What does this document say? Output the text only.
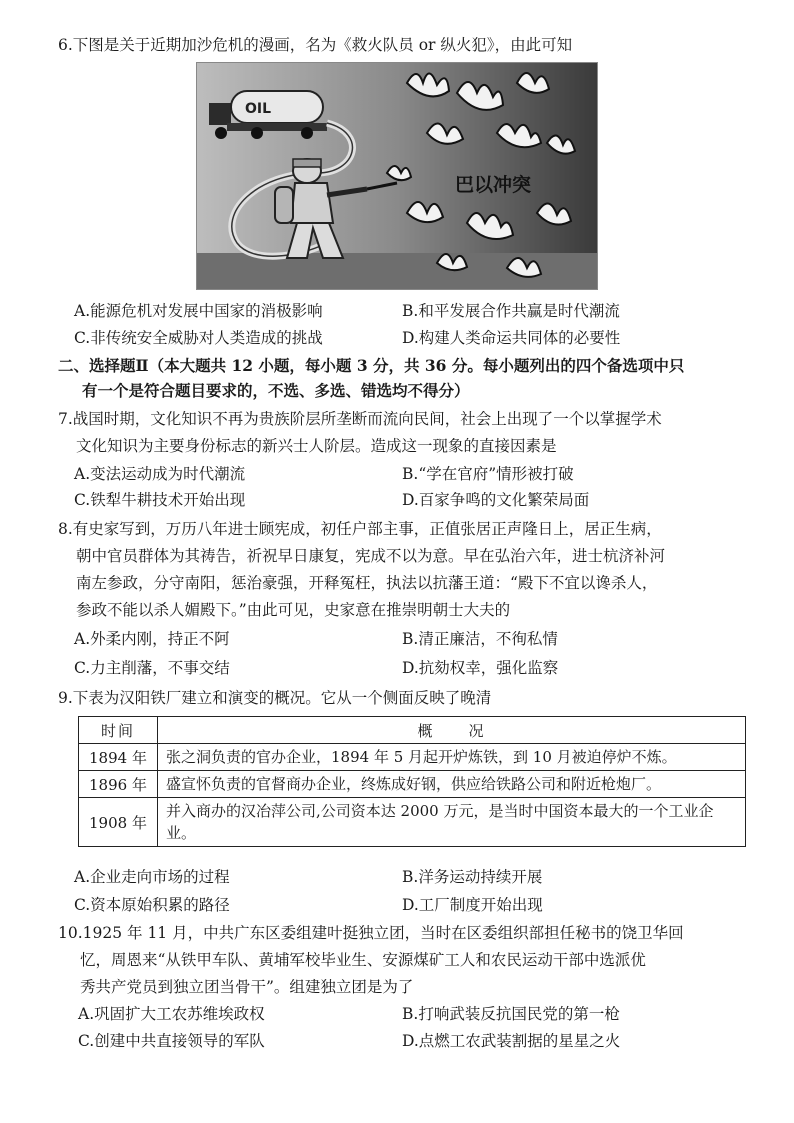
6.下图是关于近期加沙危机的漫画，名为《救火队员 or 纵火犯》，由此可知
OIL
巴以冲突
A.能源危机对发展中国家的消极影响	B.和平发展合作共赢是时代潮流
C.非传统安全威胁对人类造成的挑战	D.构建人类命运共同体的必要性
二、选择题Ⅱ（本大题共 12 小题，每小题 3 分，共 36 分。每小题列出的四个备选项中只
有一个是符合题目要求的，不选、多选、错选均不得分）
7.战国时期，文化知识不再为贵族阶层所垄断而流向民间，社会上出现了一个以掌握学术
文化知识为主要身份标志的新兴士人阶层。造成这一现象的直接因素是
A.变法运动成为时代潮流	B.“学在官府”情形被打破
C.铁犁牛耕技术开始出现	D.百家争鸣的文化繁荣局面
8.有史家写到，万历八年进士顾宪成，初任户部主事，正值张居正声隆日上，居正生病，
朝中官员群体为其祷告，祈祝早日康复，宪成不以为意。早在弘治六年，进士杭济补河
南左参政，分守南阳，惩治豪强，开释冤枉，执法以抗藩王道：“殿下不宜以谗杀人，
参政不能以杀人媚殿下。”由此可见，史家意在推崇明朝士大夫的
A.外柔内刚，持正不阿	B.清正廉洁，不徇私情
C.力主削藩，不事交结	D.抗劾权幸，强化监察
9.下表为汉阳铁厂建立和演变的概况。它从一个侧面反映了晚清
时间	概　　况
1894 年	张之洞负责的官办企业，1894 年 5 月起开炉炼铁，到 10 月被迫停炉不炼。
1896 年	盛宣怀负责的官督商办企业，终炼成好钢，供应给铁路公司和附近枪炮厂。
1908 年	并入商办的汉冶萍公司,公司资本达 2000 万元，是当时中国资本最大的一个工业企业。
A.企业走向市场的过程	B.洋务运动持续开展
C.资本原始积累的路径	D.工厂制度开始出现
10.1925 年 11 月，中共广东区委组建叶挺独立团，当时在区委组织部担任秘书的饶卫华回
忆，周恩来“从铁甲车队、黄埔军校毕业生、安源煤矿工人和农民运动干部中选派优
秀共产党员到独立团当骨干”。组建独立团是为了
A.巩固扩大工农苏维埃政权	B.打响武装反抗国民党的第一枪
C.创建中共直接领导的军队	D.点燃工农武装割据的星星之火
